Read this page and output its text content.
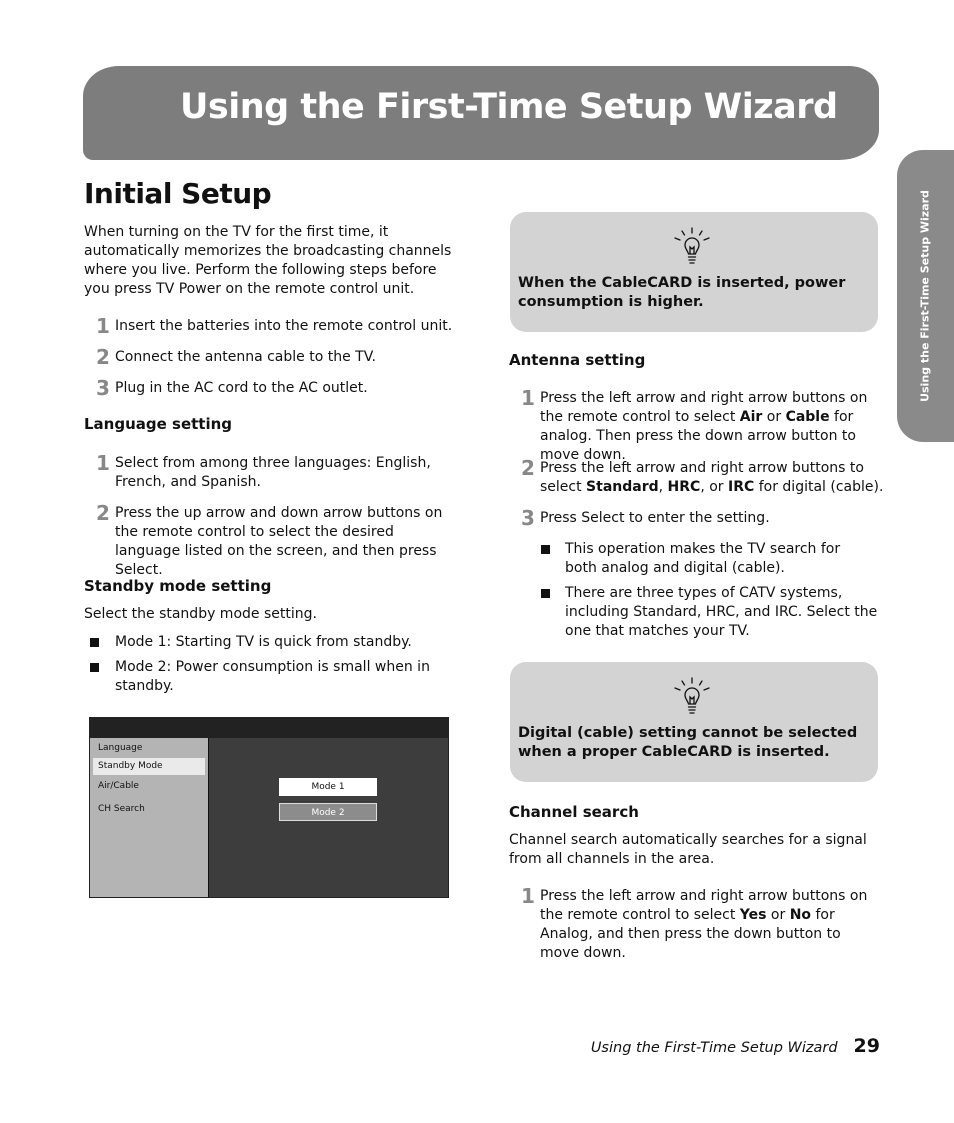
Using the First-Time Setup Wizard
Using the First-Time Setup Wizard
Initial Setup
When turning on the TV for the first time, it automatically memorizes the broadcasting channels where you live. Perform the following steps before you press TV Power on the remote control unit.
1 Insert the batteries into the remote control unit.
2 Connect the antenna cable to the TV.
3 Plug in the AC cord to the AC outlet.
Language setting
1 Select from among three languages: English, French, and Spanish.
2 Press the up arrow and down arrow buttons on the remote control to select the desired language listed on the screen, and then press Select.
Standby mode setting
Select the standby mode setting.
Mode 1: Starting TV is quick from standby.
Mode 2: Power consumption is small when in standby.
Language
Standby Mode
Air/Cable
CH Search
Mode 1
Mode 2
When the CableCARD is inserted, power consumption is higher.
Antenna setting
1 Press the left arrow and right arrow buttons on the remote control to select Air or Cable for analog. Then press the down arrow button to move down.
2 Press the left arrow and right arrow buttons to select Standard, HRC, or IRC for digital (cable).
3 Press Select to enter the setting.
This operation makes the TV search for both analog and digital (cable).
There are three types of CATV systems, including Standard, HRC, and IRC. Select the one that matches your TV.
Digital (cable) setting cannot be selected when a proper CableCARD is inserted.
Channel search
Channel search automatically searches for a signal from all channels in the area.
1 Press the left arrow and right arrow buttons on the remote control to select Yes or No for Analog, and then press the down button to move down.
Using the First-Time Setup Wizard 29
